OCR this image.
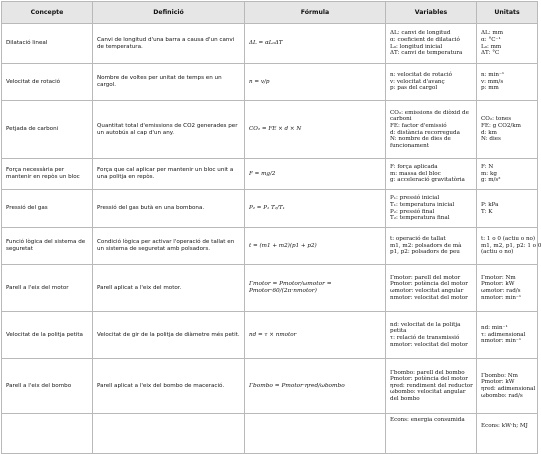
Concepte	Definició	Fórmula	Variables	Unitats
Dilatació lineal	Canvi de longitud d'una barra a causa d'un canvi de temperatura.	ΔL = αL₀ΔT	ΔL: canvi de longitud
α: coeficient de dilatació
L₀: longitud inicial
ΔT: canvi de temperatura	ΔL: mm
α: °C⁻¹
L₀: mm
ΔT: °C

Velocitat de rotació	Nombre de voltes per unitat de temps en un cargol.	n = v/p	n: velocitat de rotació
v: velocitat d'avanç
p: pas del cargol	n: min⁻¹
v: mm/s
p: mm

Petjada de carboni	Quantitat total d'emissions de CO2 generades per un autobús al cap d'un any.	CO₂ = FE × d × N	CO₂: emissions de diòxid de carboni
FE: factor d'emissió
d: distància recorreguda
N: nombre de dies de funcionament	CO₂: tones
FE: g CO2/km
d: km
N: dies

Força necessària per mantenir en repòs un bloc	Força que cal aplicar per mantenir un bloc unit a una politja en repòs.	F = mg/2	F: força aplicada
m: massa del bloc
g: acceleració gravitatòria	F: N
m: kg
g: m/s²

Pressió del gas	Pressió del gas butà en una bombona.	P₂ = P₁ T₂/T₁	P₁: pressió inicial
T₁: temperatura inicial
P₂: pressió final
T₂: temperatura final	P: kPa
T: K

Funció lògica del sistema de seguretat	Condició lògica per activar l'operació de tallat en un sistema de seguretat amb polsadors.	t = (m1 + m2)(p1 + p2)	t: operació de tallat
m1, m2: polsadors de mà
p1, p2: polsadors de peu	t: 1 o 0 (actiu o no)
m1, m2, p1, p2: 1 o 0
(actiu o no)

Parell a l'eix del motor	Parell aplicat a l'eix del motor.	Γmotor = Pmotor/ωmotor = Pmotor·60/(2π·nmotor)	Γmotor: parell del motor
Pmotor: potència del motor
ωmotor: velocitat angular
nmotor: velocitat del motor	Γmotor: Nm
Pmotor: kW
ωmotor: rad/s
nmotor: min⁻¹

Velocitat de la politja petita	Velocitat de gir de la politja de diàmetre més petit.	nd = τ × nmotor	nd: velocitat de la politja petita
τ: relació de transmissió
nmotor: velocitat del motor	nd: min⁻¹
τ: adimensional
nmotor: min⁻¹

Parell a l'eix del bombo	Parell aplicat a l'eix del bombo de maceració.	Γbombo = Pmotor·ηred/ωbombo	Γbombo: parell del bombo
Pmotor: potència del motor
ηred: rendiment del reductor
ωbombo: velocitat angular del bombo	Γbombo: Nm
Pmotor: kW
ηred: adimensional
ωbombo: rad/s

			Econs: energia consumida	Econs: kW·h; MJ
